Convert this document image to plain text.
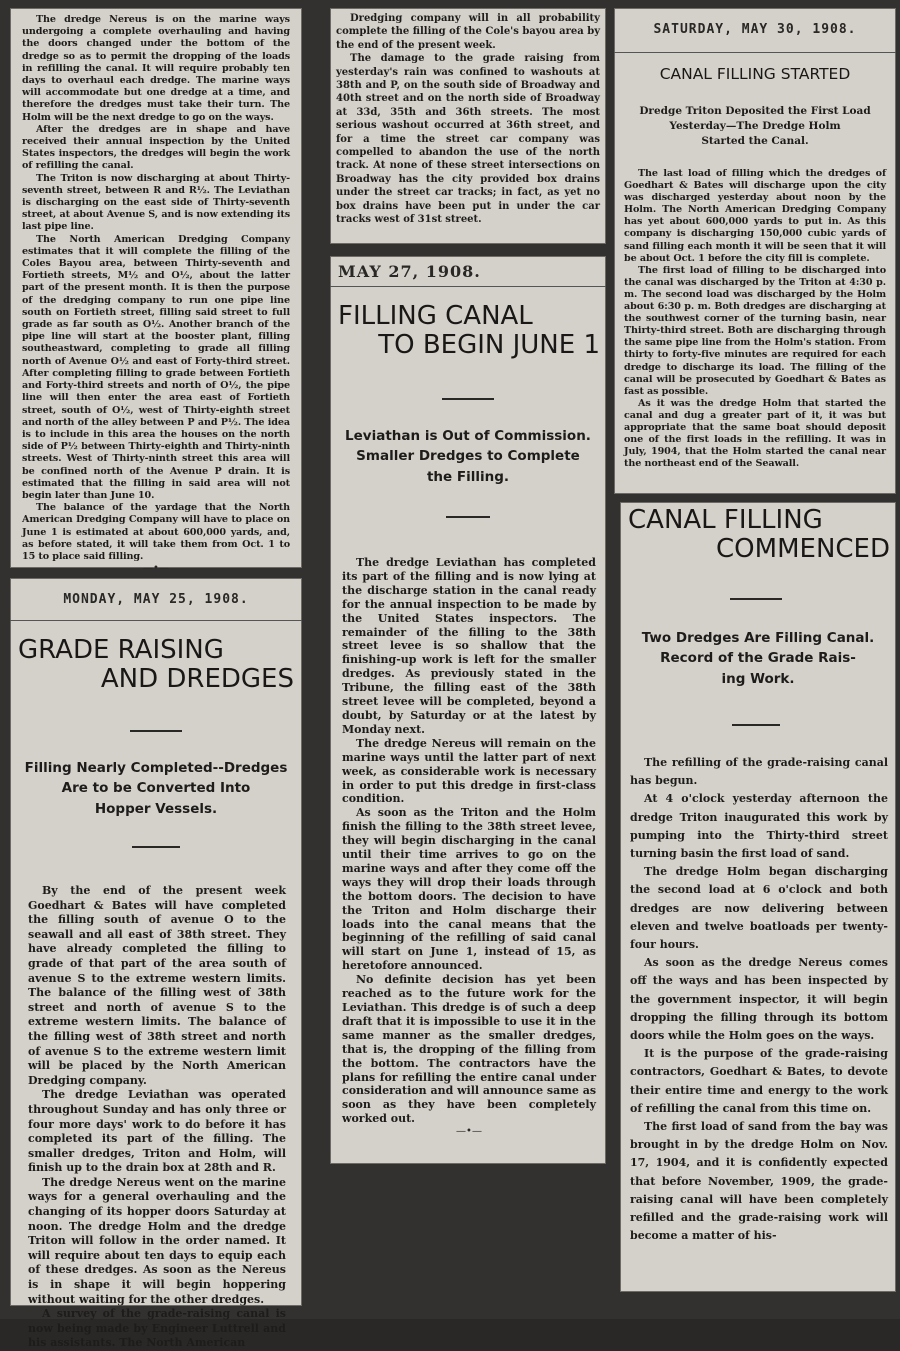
The dredge Nereus is on the marine ways undergoing a complete overhauling and having the doors changed under the bottom of the dredge so as to permit the dropping of the loads in refilling the canal. It will require probably ten days to overhaul each dredge. The marine ways will accommodate but one dredge at a time, and therefore the dredges must take their turn. The Holm will be the next dredge to go on the ways.

After the dredges are in shape and have received their annual inspection by the United States inspectors, the dredges will begin the work of refilling the canal.

The Triton is now discharging at about Thirty-seventh street, between R and R½. The Leviathan is discharging on the east side of Thirty-seventh street, at about Avenue S, and is now extending its last pipe line.

The North American Dredging Company estimates that it will complete the filling of the Coles Bayou area, between Thirty-seventh and Fortieth streets, M½ and O½, about the latter part of the present month. It is then the purpose of the dredging company to run one pipe line south on Fortieth street, filling said street to full grade as far south as O½. Another branch of the pipe line will start at the booster plant, filling southeastward, completing to grade all filling north of Avenue O½ and east of Forty-third street. After completing filling to grade between Fortieth and Forty-third streets and north of O½, the pipe line will then enter the area east of Fortieth street, south of O½, west of Thirty-eighth street and north of the alley between P and P½. The idea is to include in this area the houses on the north side of P½ between Thirty-eighth and Thirty-ninth streets. West of Thirty-ninth street this area will be confined north of the Avenue P drain. It is estimated that the filling in said area will not begin later than June 10.

The balance of the yardage that the North American Dredging Company will have to place on June 1 is estimated at about 600,000 yards, and, as before stated, it will take them from Oct. 1 to 15 to place said filling.

—•—
MONDAY, MAY 25, 1908.
GRADE RAISING
AND DREDGES
Filling Nearly Completed--Dredges
Are to be Converted Into
Hopper Vessels.

By the end of the present week Goedhart & Bates will have completed the filling south of avenue O to the seawall and all east of 38th street. They have already completed the filling to grade of that part of the area south of avenue S to the extreme western limits. The balance of the filling west of 38th street and north of avenue S to the extreme western limits. The balance of the filling west of 38th street and north of avenue S to the extreme western limit will be placed by the North American Dredging company.

The dredge Leviathan was operated throughout Sunday and has only three or four more days' work to do before it has completed its part of the filling. The smaller dredges, Triton and Holm, will finish up to the drain box at 28th and R.

The dredge Nereus went on the marine ways for a general overhauling and the changing of its hopper doors Saturday at noon. The dredge Holm and the dredge Triton will follow in the order named. It will require about ten days to equip each of these dredges. As soon as the Nereus is in shape it will begin hoppering without waiting for the other dredges.

A survey of the grade-raising canal is now being made by Engineer Luttrell and his assistants. The North American

Dredging company will in all probability complete the filling of the Cole's bayou area by the end of the present week.

The damage to the grade raising from yesterday's rain was confined to washouts at 38th and P, on the south side of Broadway and 40th street and on the north side of Broadway at 33d, 35th and 36th streets. The most serious washout occurred at 36th street, and for a time the street car company was compelled to abandon the use of the north track. At none of these street intersections on Broadway has the city provided box drains under the street car tracks; in fact, as yet no box drains have been put in under the car tracks west of 31st street.

MAY 27, 1908.
FILLING CANAL
TO BEGIN JUNE 1
Leviathan is Out of Commission.
Smaller Dredges to Complete
the Filling.

The dredge Leviathan has completed its part of the filling and is now lying at the discharge station in the canal ready for the annual inspection to be made by the United States inspectors. The remainder of the filling to the 38th street levee is so shallow that the finishing-up work is left for the smaller dredges. As previously stated in the Tribune, the filling east of the 38th street levee will be completed, beyond a doubt, by Saturday or at the latest by Monday next.

The dredge Nereus will remain on the marine ways until the latter part of next week, as considerable work is necessary in order to put this dredge in first-class condition.

As soon as the Triton and the Holm finish the filling to the 38th street levee, they will begin discharging in the canal until their time arrives to go on the marine ways and after they come off the ways they will drop their loads through the bottom doors. The decision to have the Triton and Holm discharge their loads into the canal means that the beginning of the refilling of said canal will start on June 1, instead of 15, as heretofore announced.

No definite decision has yet been reached as to the future work for the Leviathan. This dredge is of such a deep draft that it is impossible to use it in the same manner as the smaller dredges, that is, the dropping of the filling from the bottom. The contractors have the plans for refilling the entire canal under consideration and will announce same as soon as they have been completely worked out.

—•—
SATURDAY, MAY 30, 1908.
CANAL FILLING STARTED
Dredge Triton Deposited the First Load
Yesterday—The Dredge Holm
Started the Canal.

The last load of filling which the dredges of Goedhart & Bates will discharge upon the city was discharged yesterday about noon by the Holm. The North American Dredging Company has yet about 600,000 yards to put in. As this company is discharging 150,000 cubic yards of sand filling each month it will be seen that it will be about Oct. 1 before the city fill is complete.

The first load of filling to be discharged into the canal was discharged by the Triton at 4:30 p. m. The second load was discharged by the Holm about 6:30 p. m. Both dredges are discharging at the southwest corner of the turning basin, near Thirty-third street. Both are discharging through the same pipe line from the Holm's station. From thirty to forty-five minutes are required for each dredge to discharge its load. The filling of the canal will be prosecuted by Goedhart & Bates as fast as possible.

As it was the dredge Holm that started the canal and dug a greater part of it, it was but appropriate that the same boat should deposit one of the first loads in the refilling. It was in July, 1904, that the Holm started the canal near the northeast end of the Seawall.

CANAL FILLING
COMMENCED
Two Dredges Are Filling Canal.
Record of the Grade Rais-
ing Work.

The refilling of the grade-raising canal has begun.

At 4 o'clock yesterday afternoon the dredge Triton inaugurated this work by pumping into the Thirty-third street turning basin the first load of sand.

The dredge Holm began discharging the second load at 6 o'clock and both dredges are now delivering between eleven and twelve boatloads per twenty-four hours.

As soon as the dredge Nereus comes off the ways and has been inspected by the government inspector, it will begin dropping the filling through its bottom doors while the Holm goes on the ways.

It is the purpose of the grade-raising contractors, Goedhart & Bates, to devote their entire time and energy to the work of refilling the canal from this time on.

The first load of sand from the bay was brought in by the dredge Holm on Nov. 17, 1904, and it is confidently expected that before November, 1909, the grade-raising canal will have been completely refilled and the grade-raising work will become a matter of his-
